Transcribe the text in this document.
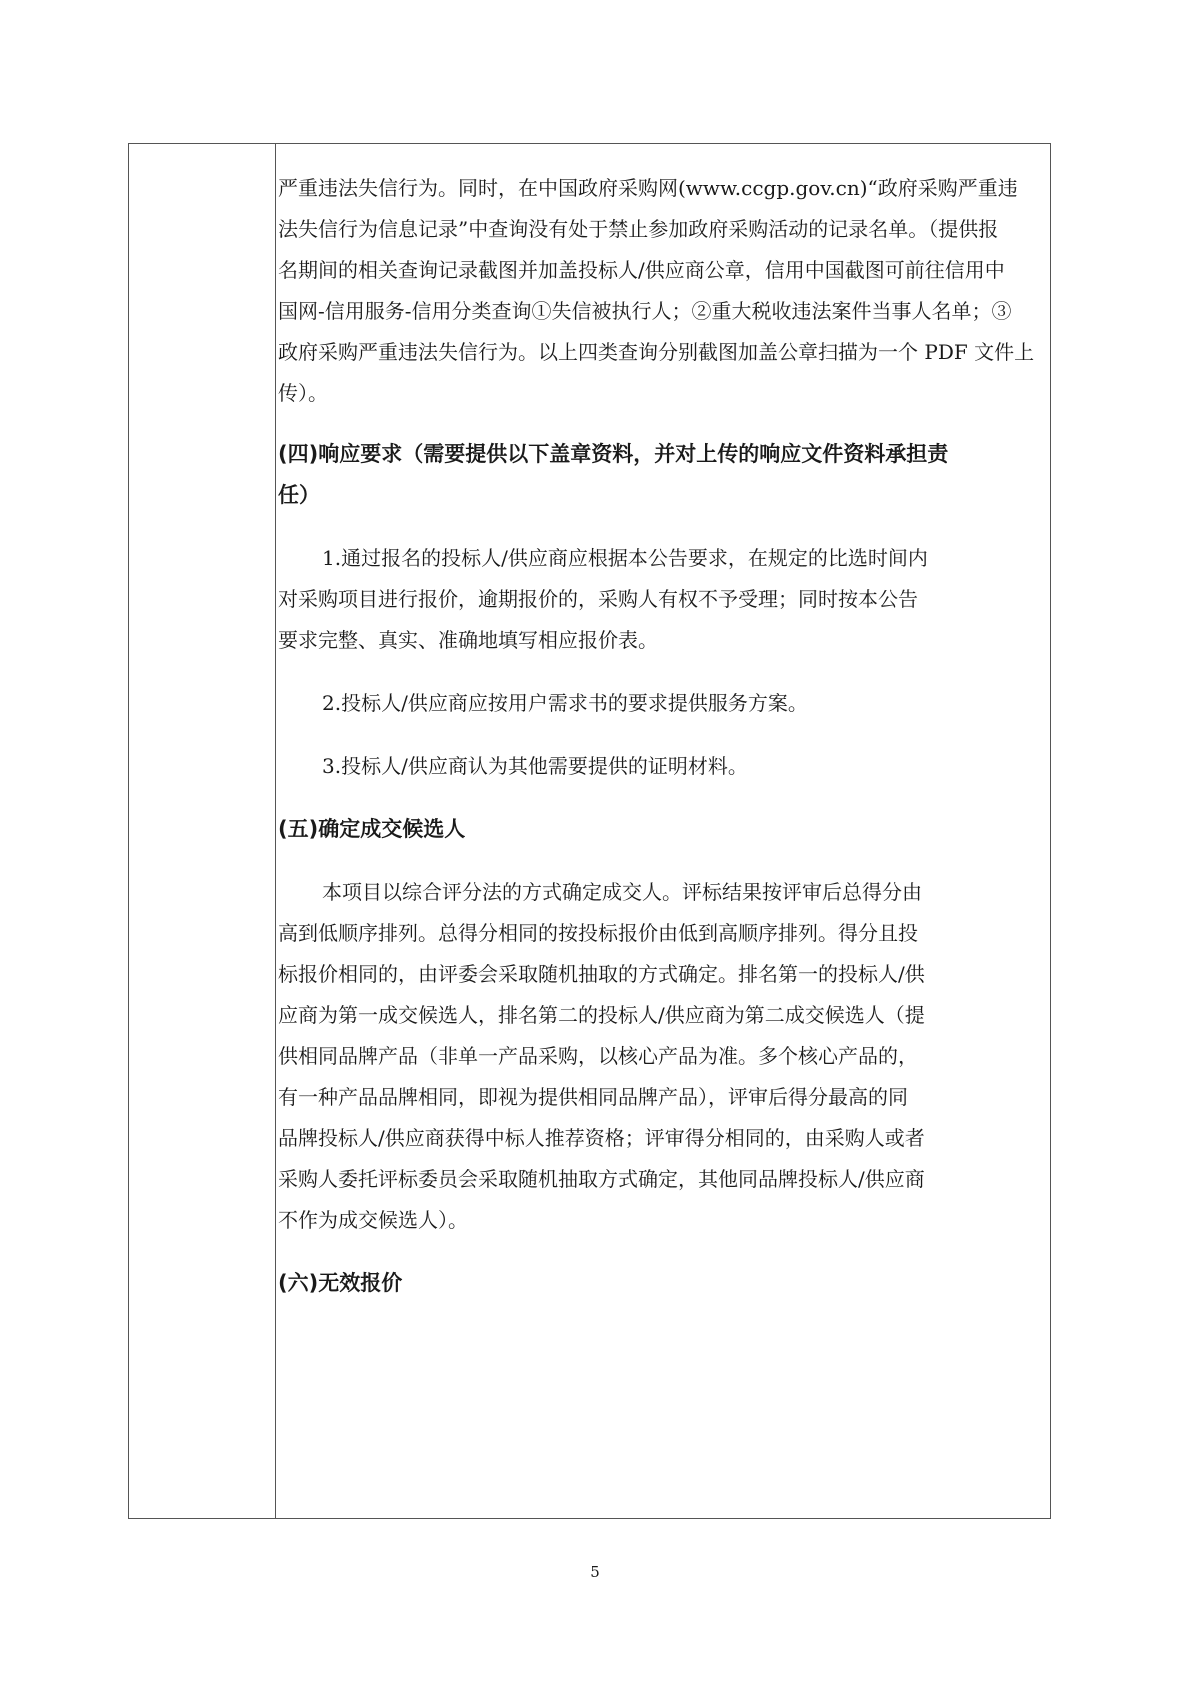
严重违法失信行为。同时，在中国政府采购网(www.ccgp.gov.cn)“政府采购严重违
法失信行为信息记录”中查询没有处于禁止参加政府采购活动的记录名单。（提供报
名期间的相关查询记录截图并加盖投标人/供应商公章，信用中国截图可前往信用中
国网-信用服务-信用分类查询①失信被执行人；②重大税收违法案件当事人名单；③
政府采购严重违法失信行为。以上四类查询分别截图加盖公章扫描为一个 PDF 文件上
传）。
(四)响应要求（需要提供以下盖章资料，并对上传的响应文件资料承担责
任）
1.通过报名的投标人/供应商应根据本公告要求，在规定的比选时间内
对采购项目进行报价，逾期报价的，采购人有权不予受理；同时按本公告
要求完整、真实、准确地填写相应报价表。
2.投标人/供应商应按用户需求书的要求提供服务方案。
3.投标人/供应商认为其他需要提供的证明材料。
(五)确定成交候选人
本项目以综合评分法的方式确定成交人。评标结果按评审后总得分由
高到低顺序排列。总得分相同的按投标报价由低到高顺序排列。得分且投
标报价相同的，由评委会采取随机抽取的方式确定。排名第一的投标人/供
应商为第一成交候选人，排名第二的投标人/供应商为第二成交候选人（提
供相同品牌产品（非单一产品采购，以核心产品为准。多个核心产品的，
有一种产品品牌相同，即视为提供相同品牌产品），评审后得分最高的同
品牌投标人/供应商获得中标人推荐资格；评审得分相同的，由采购人或者
采购人委托评标委员会采取随机抽取方式确定，其他同品牌投标人/供应商
不作为成交候选人）。
(六)无效报价
5
